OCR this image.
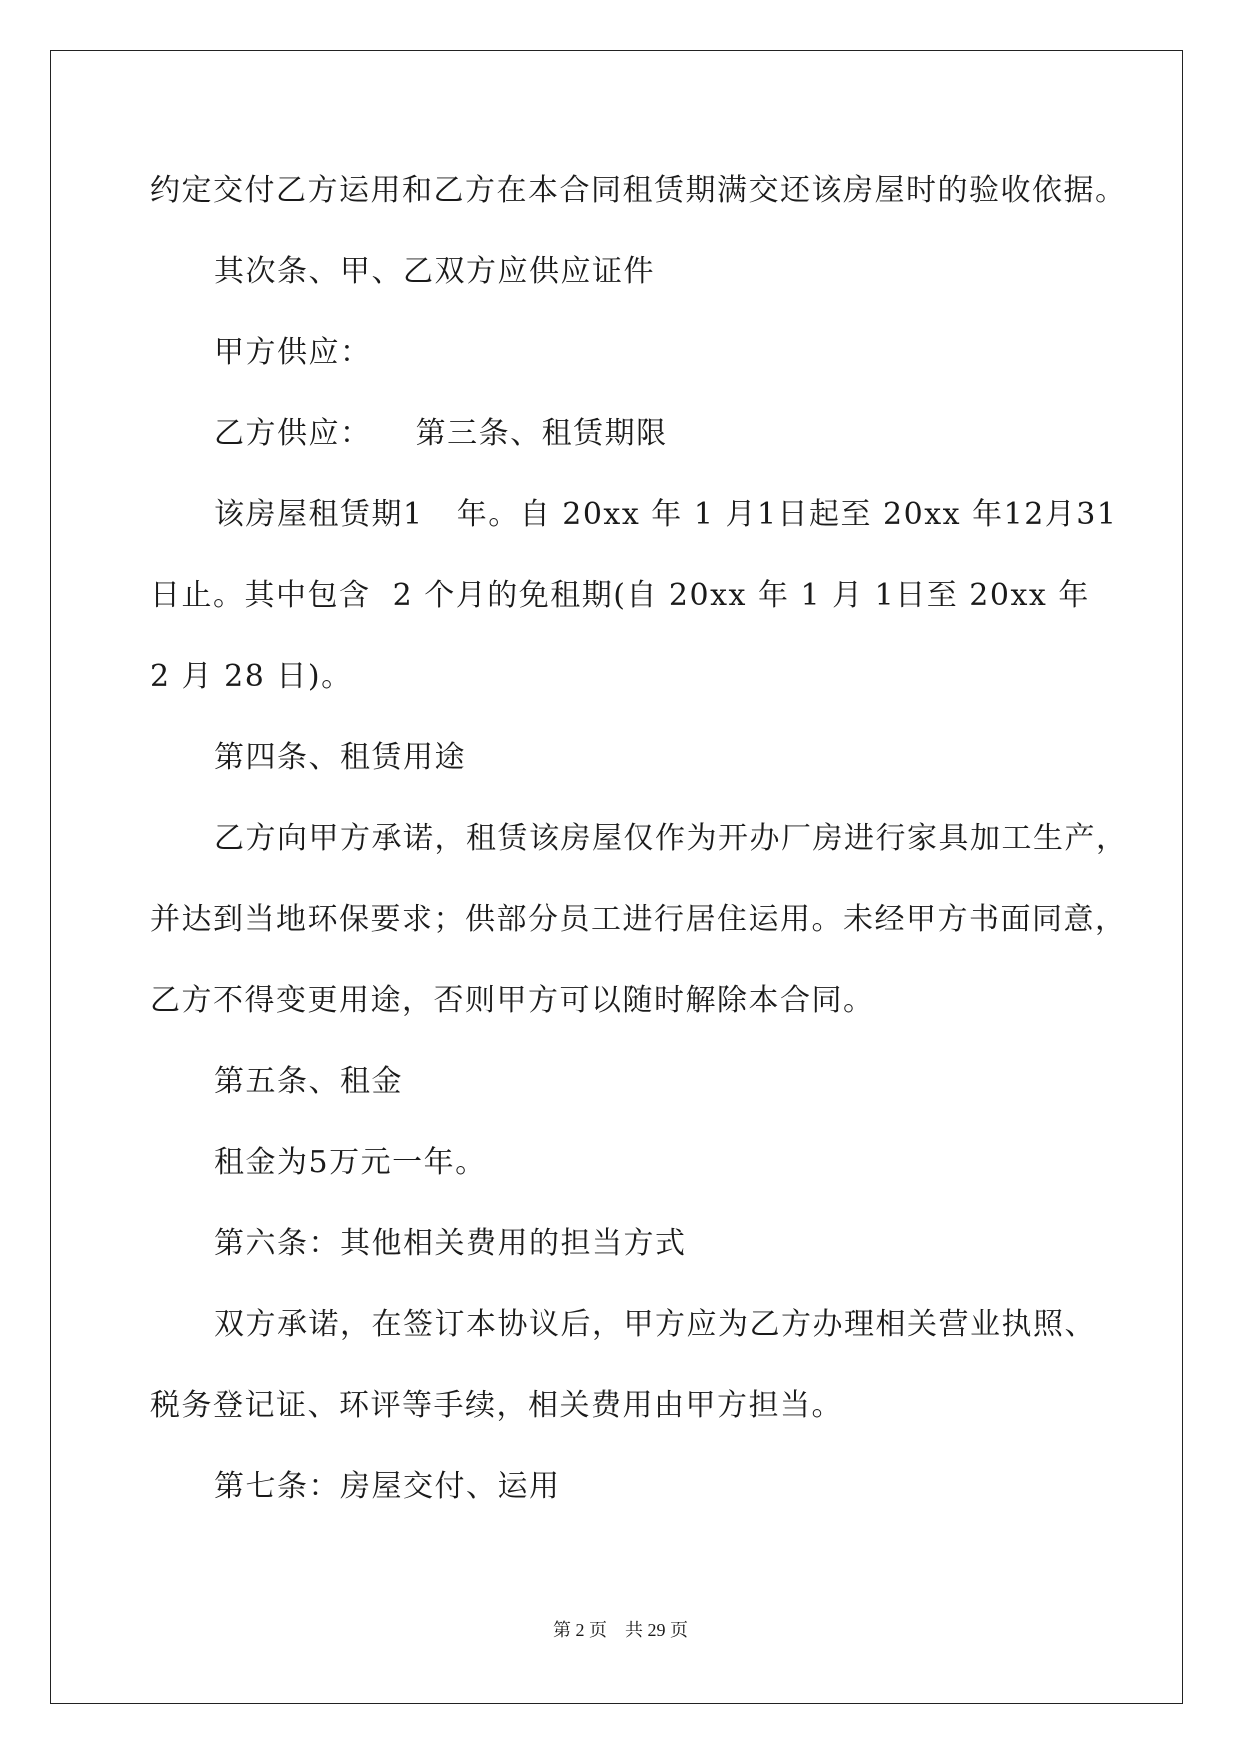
约定交付乙方运用和乙方在本合同租赁期满交还该房屋时的验收依据。
其次条、甲、乙双方应供应证件
甲方供应：
乙方供应：    第三条、租赁期限
该房屋租赁期1   年。自 20xx 年 1 月1日起至 20xx 年12月31
日止。其中包含  2 个月的免租期(自 20xx 年 1 月 1日至 20xx 年
2 月 28 日)。
第四条、租赁用途
乙方向甲方承诺，租赁该房屋仅作为开办厂房进行家具加工生产，
并达到当地环保要求；供部分员工进行居住运用。未经甲方书面同意，
乙方不得变更用途，否则甲方可以随时解除本合同。
第五条、租金
租金为5万元一年。
第六条：其他相关费用的担当方式
双方承诺，在签订本协议后，甲方应为乙方办理相关营业执照、
税务登记证、环评等手续，相关费用由甲方担当。
第七条：房屋交付、运用
第 2 页    共 29 页
